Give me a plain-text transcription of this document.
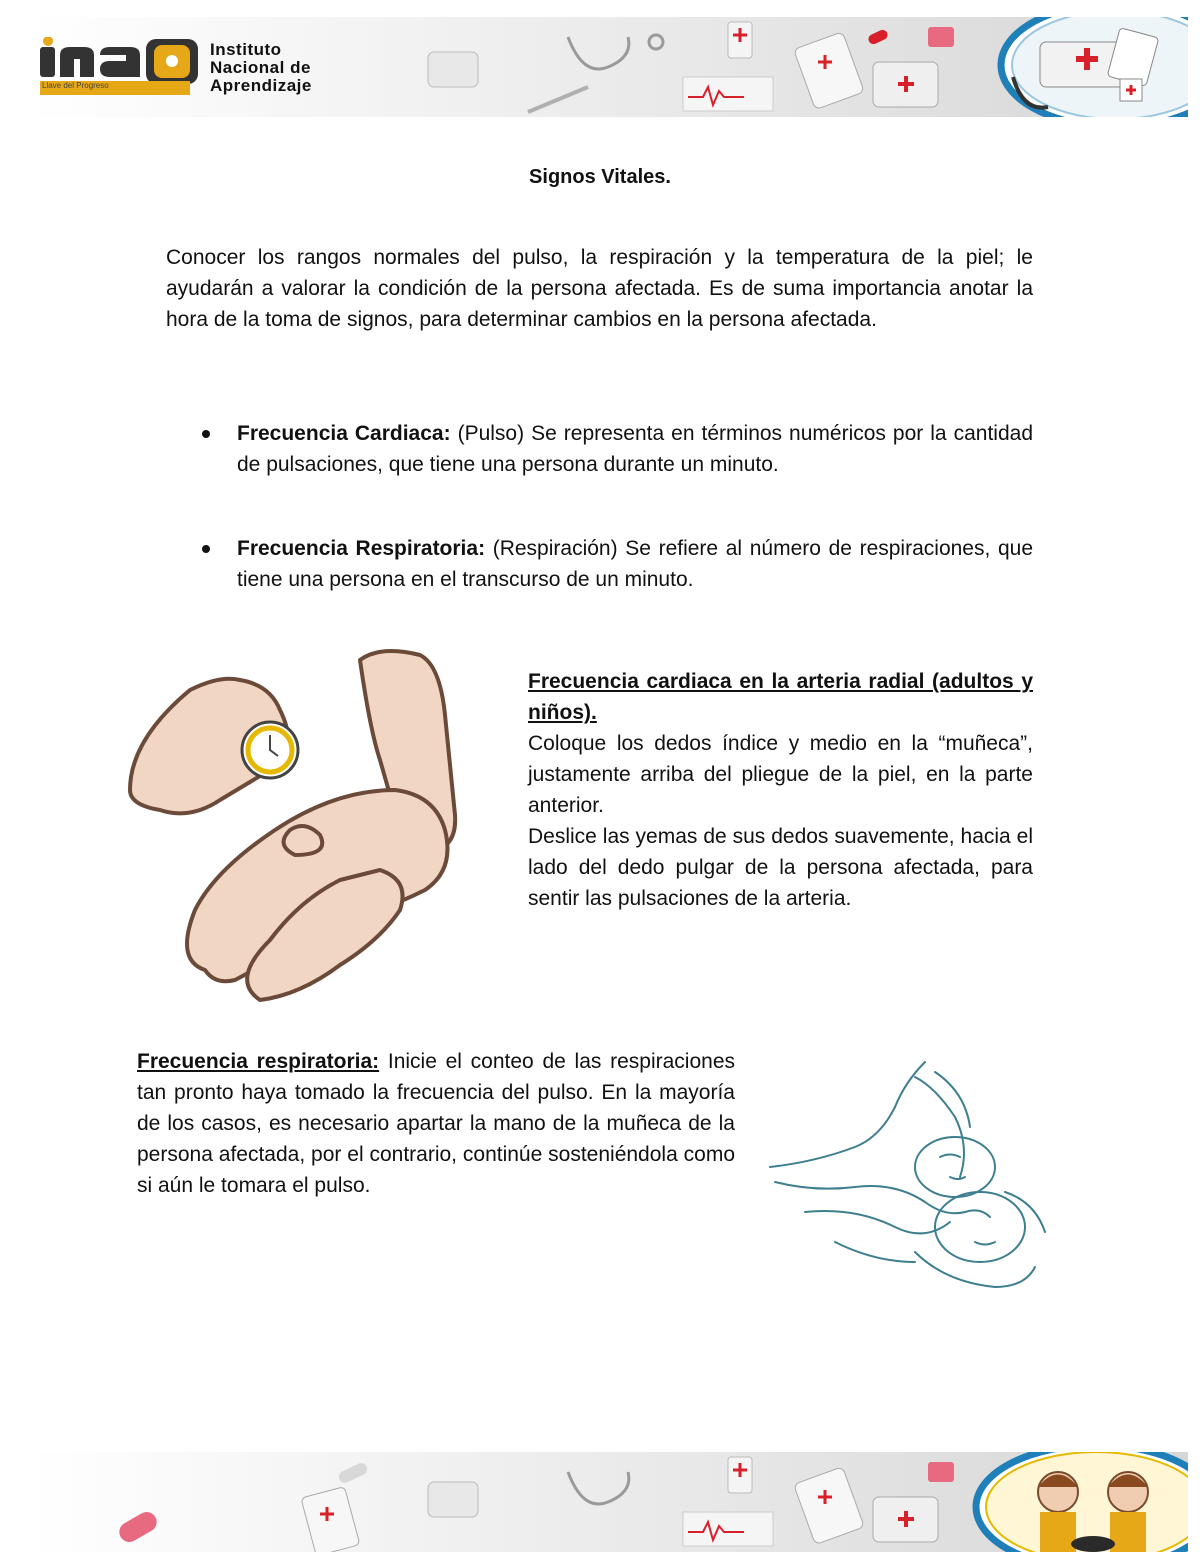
Llave del Progreso
Instituto
Nacional de
Aprendizaje
Signos Vitales.

Conocer los rangos normales del pulso, la respiración y la temperatura de la piel; le ayudarán a valorar la condición de la persona afectada. Es de suma importancia anotar la hora de la toma de signos, para determinar cambios en la persona afectada.

Frecuencia Cardiaca: (Pulso) Se representa en términos numéricos por la cantidad de pulsaciones, que tiene una persona durante un minuto.
Frecuencia Respiratoria: (Respiración) Se refiere al número de respiraciones, que tiene una persona en el transcurso de un minuto.
Frecuencia cardiaca en la arteria radial (adultos y niños).
Coloque los dedos índice y medio en la “muñeca”, justamente arriba del pliegue de la piel, en la parte anterior.
Deslice las yemas de sus dedos suavemente, hacia el lado del dedo pulgar de la persona afectada, para sentir las pulsaciones de la arteria.
Frecuencia respiratoria: Inicie el conteo de las respiraciones tan pronto haya tomado la frecuencia del pulso. En la mayoría de los casos, es necesario apartar la mano de la muñeca de la persona afectada, por el contrario, continúe sosteniéndola como si aún le tomara el pulso.
